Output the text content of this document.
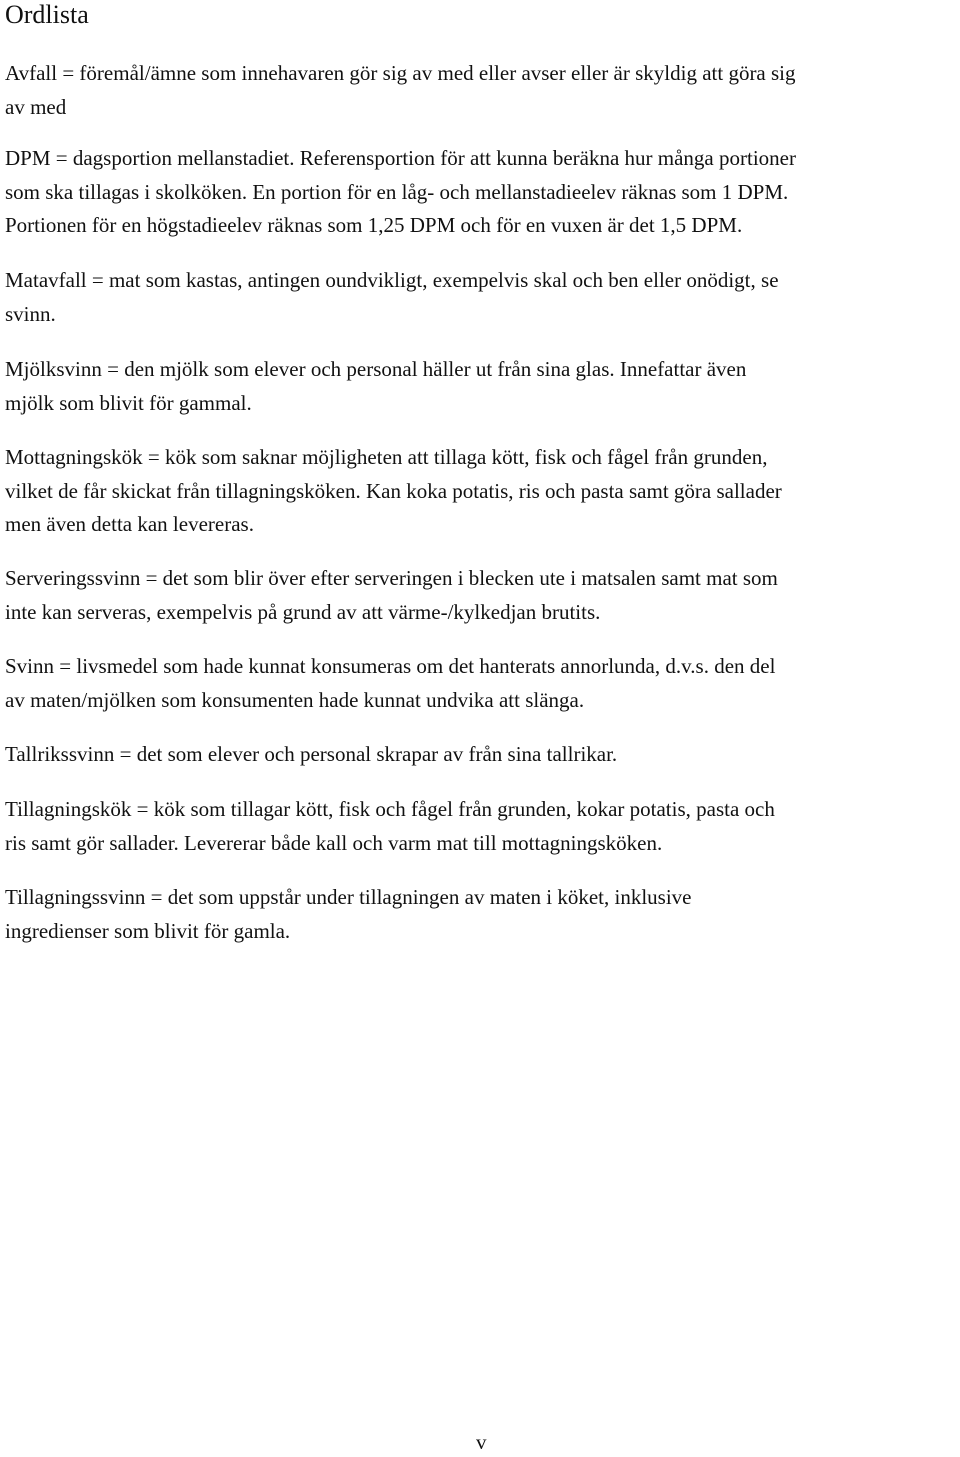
Ordlista
Avfall = föremål/ämne som innehavaren gör sig av med eller avser eller är skyldig att göra sig
av med
DPM = dagsportion mellanstadiet. Referensportion för att kunna beräkna hur många portioner
som ska tillagas i skolköken. En portion för en låg- och mellanstadieelev räknas som 1 DPM.
Portionen för en högstadieelev räknas som 1,25 DPM och för en vuxen är det 1,5 DPM.
Matavfall = mat som kastas, antingen oundvikligt, exempelvis skal och ben eller onödigt, se
svinn.
Mjölksvinn = den mjölk som elever och personal häller ut från sina glas. Innefattar även
mjölk som blivit för gammal.
Mottagningskök = kök som saknar möjligheten att tillaga kött, fisk och fågel från grunden,
vilket de får skickat från tillagningsköken. Kan koka potatis, ris och pasta samt göra sallader
men även detta kan levereras.
Serveringssvinn = det som blir över efter serveringen i blecken ute i matsalen samt mat som
inte kan serveras, exempelvis på grund av att värme-/kylkedjan brutits.
Svinn = livsmedel som hade kunnat konsumeras om det hanterats annorlunda, d.v.s. den del
av maten/mjölken som konsumenten hade kunnat undvika att slänga.
Tallrikssvinn = det som elever och personal skrapar av från sina tallrikar.
Tillagningskök = kök som tillagar kött, fisk och fågel från grunden, kokar potatis, pasta och
ris samt gör sallader. Levererar både kall och varm mat till mottagningsköken.
Tillagningssvinn = det som uppstår under tillagningen av maten i köket, inklusive
ingredienser som blivit för gamla.
v
